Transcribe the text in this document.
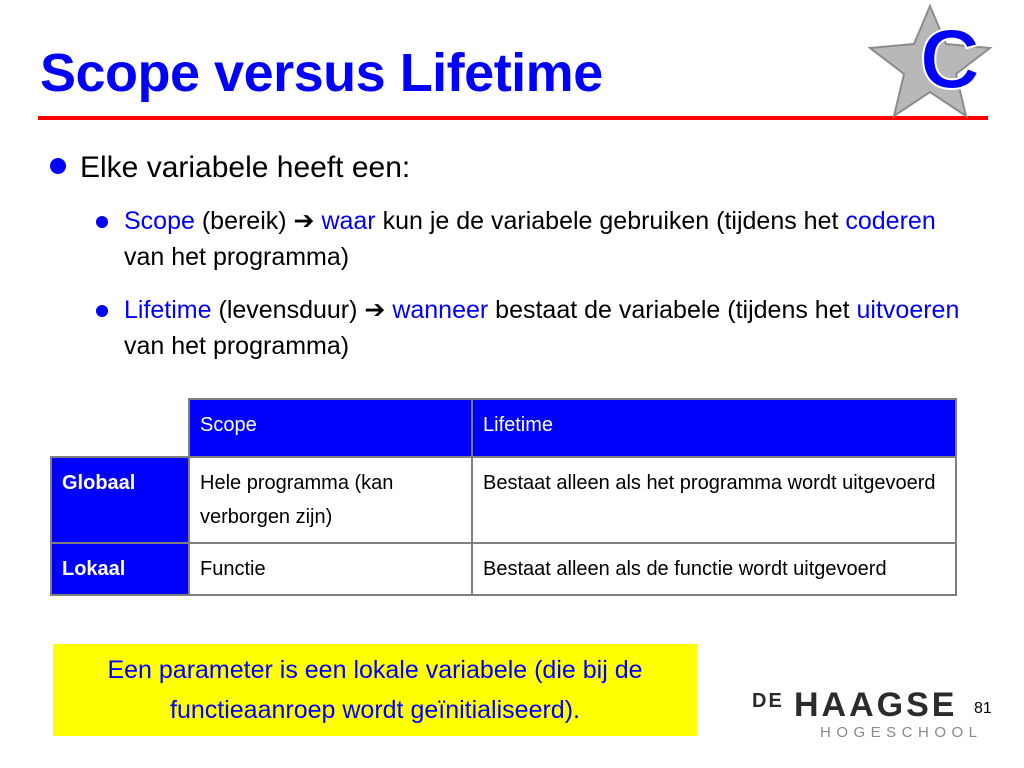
Scope versus Lifetime	C
Elke variabele heeft een:
Scope (bereik) ➔ waar kun je de variabele gebruiken (tijdens het coderen van het programma)
Lifetime (levensduur) ➔ wanneer bestaat de variabele (tijdens het uitvoeren van het programma)
	Scope	Lifetime
Globaal	Hele programma (kan verborgen zijn)	Bestaat alleen als het programma wordt uitgevoerd
Lokaal	Functie	Bestaat alleen als de functie wordt uitgevoerd
Een parameter is een lokale variabele (die bij de functieaanroep wordt geïnitialiseerd).	DE HAAGSE
HOGESCHOOL
81
